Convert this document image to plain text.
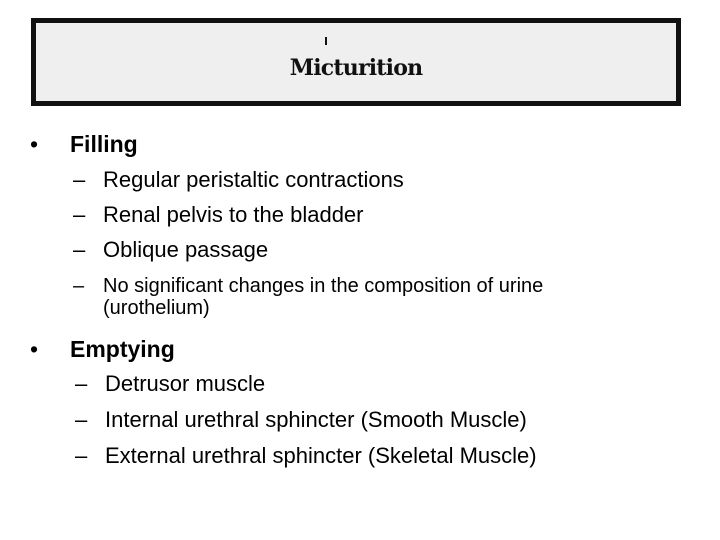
Micturition
• Filling
– Regular peristaltic contractions
– Renal pelvis to the bladder
– Oblique passage
– No significant changes in the composition of urine
(urothelium)
• Emptying
– Detrusor muscle
– Internal urethral sphincter (Smooth Muscle)
– External urethral sphincter (Skeletal Muscle)
